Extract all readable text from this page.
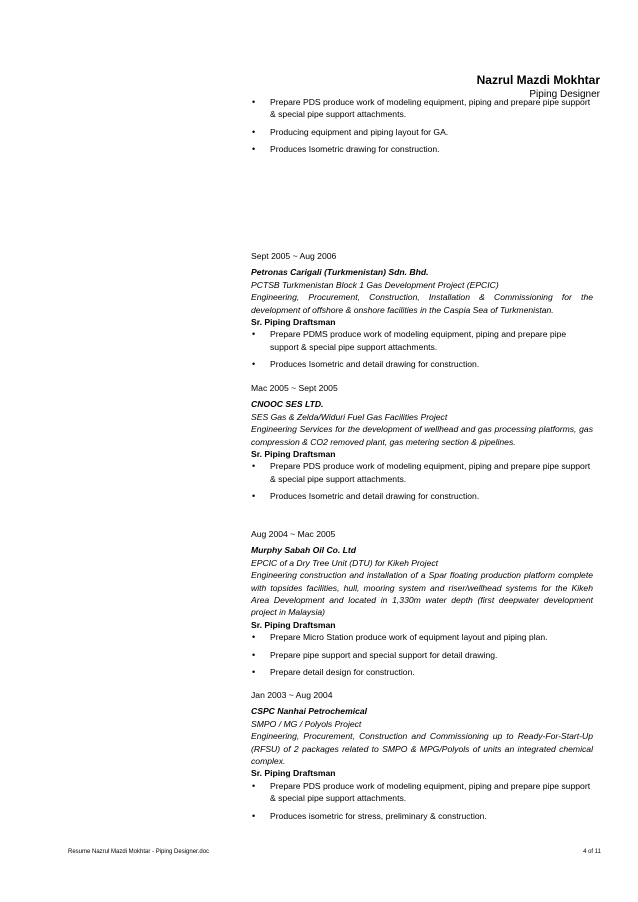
Nazrul Mazdi Mokhtar
Piping Designer
• Prepare PDS produce work of modeling equipment, piping and prepare pipe support & special pipe support attachments.
• Producing equipment and piping layout for GA.
• Produces Isometric drawing for construction.
Sept 2005 ~ Aug 2006
Petronas Carigali (Turkmenistan) Sdn. Bhd.
PCTSB Turkmenistan Block 1 Gas Development Project (EPCIC)
Engineering, Procurement, Construction, Installation & Commissioning for the development of offshore & onshore facilities in the Caspia Sea of Turkmenistan.
Sr. Piping Draftsman
• Prepare PDMS produce work of modeling equipment, piping and prepare pipe support & special pipe support attachments.
• Produces Isometric and detail drawing for construction.
Mac 2005 ~ Sept 2005
CNOOC SES LTD.
SES Gas & Zelda/Widuri Fuel Gas Facilities Project
Engineering Services for the development of wellhead and gas processing platforms, gas compression & CO2 removed plant, gas metering section & pipelines.
Sr. Piping Draftsman
• Prepare PDS produce work of modeling equipment, piping and prepare pipe support & special pipe support attachments.
• Produces Isometric and detail drawing for construction.
Aug 2004 ~ Mac 2005
Murphy Sabah Oil Co. Ltd
EPCIC of a Dry Tree Unit (DTU) for Kikeh Project
Engineering construction and installation of a Spar floating production platform complete with topsides facilities, hull, mooring system and riser/wellhead systems for the Kikeh Area Development and located in 1,330m water depth (first deepwater development project in Malaysia)
Sr. Piping Draftsman
• Prepare Micro Station produce work of equipment layout and piping plan.
• Prepare pipe support and special support for detail drawing.
• Prepare detail design for construction.
Jan 2003 ~ Aug 2004
CSPC Nanhai Petrochemical
SMPO / MG / Polyols Project
Engineering, Procurement, Construction and Commissioning up to Ready-For-Start-Up (RFSU) of 2 packages related to SMPO & MPG/Polyols of units an integrated chemical complex.
Sr. Piping Draftsman
• Prepare PDS produce work of modeling equipment, piping and prepare pipe support & special pipe support attachments.
• Produces isometric for stress, preliminary & construction.
Resume Nazrul Mazdi Mokhtar - Piping Designer.doc	4 of 11
